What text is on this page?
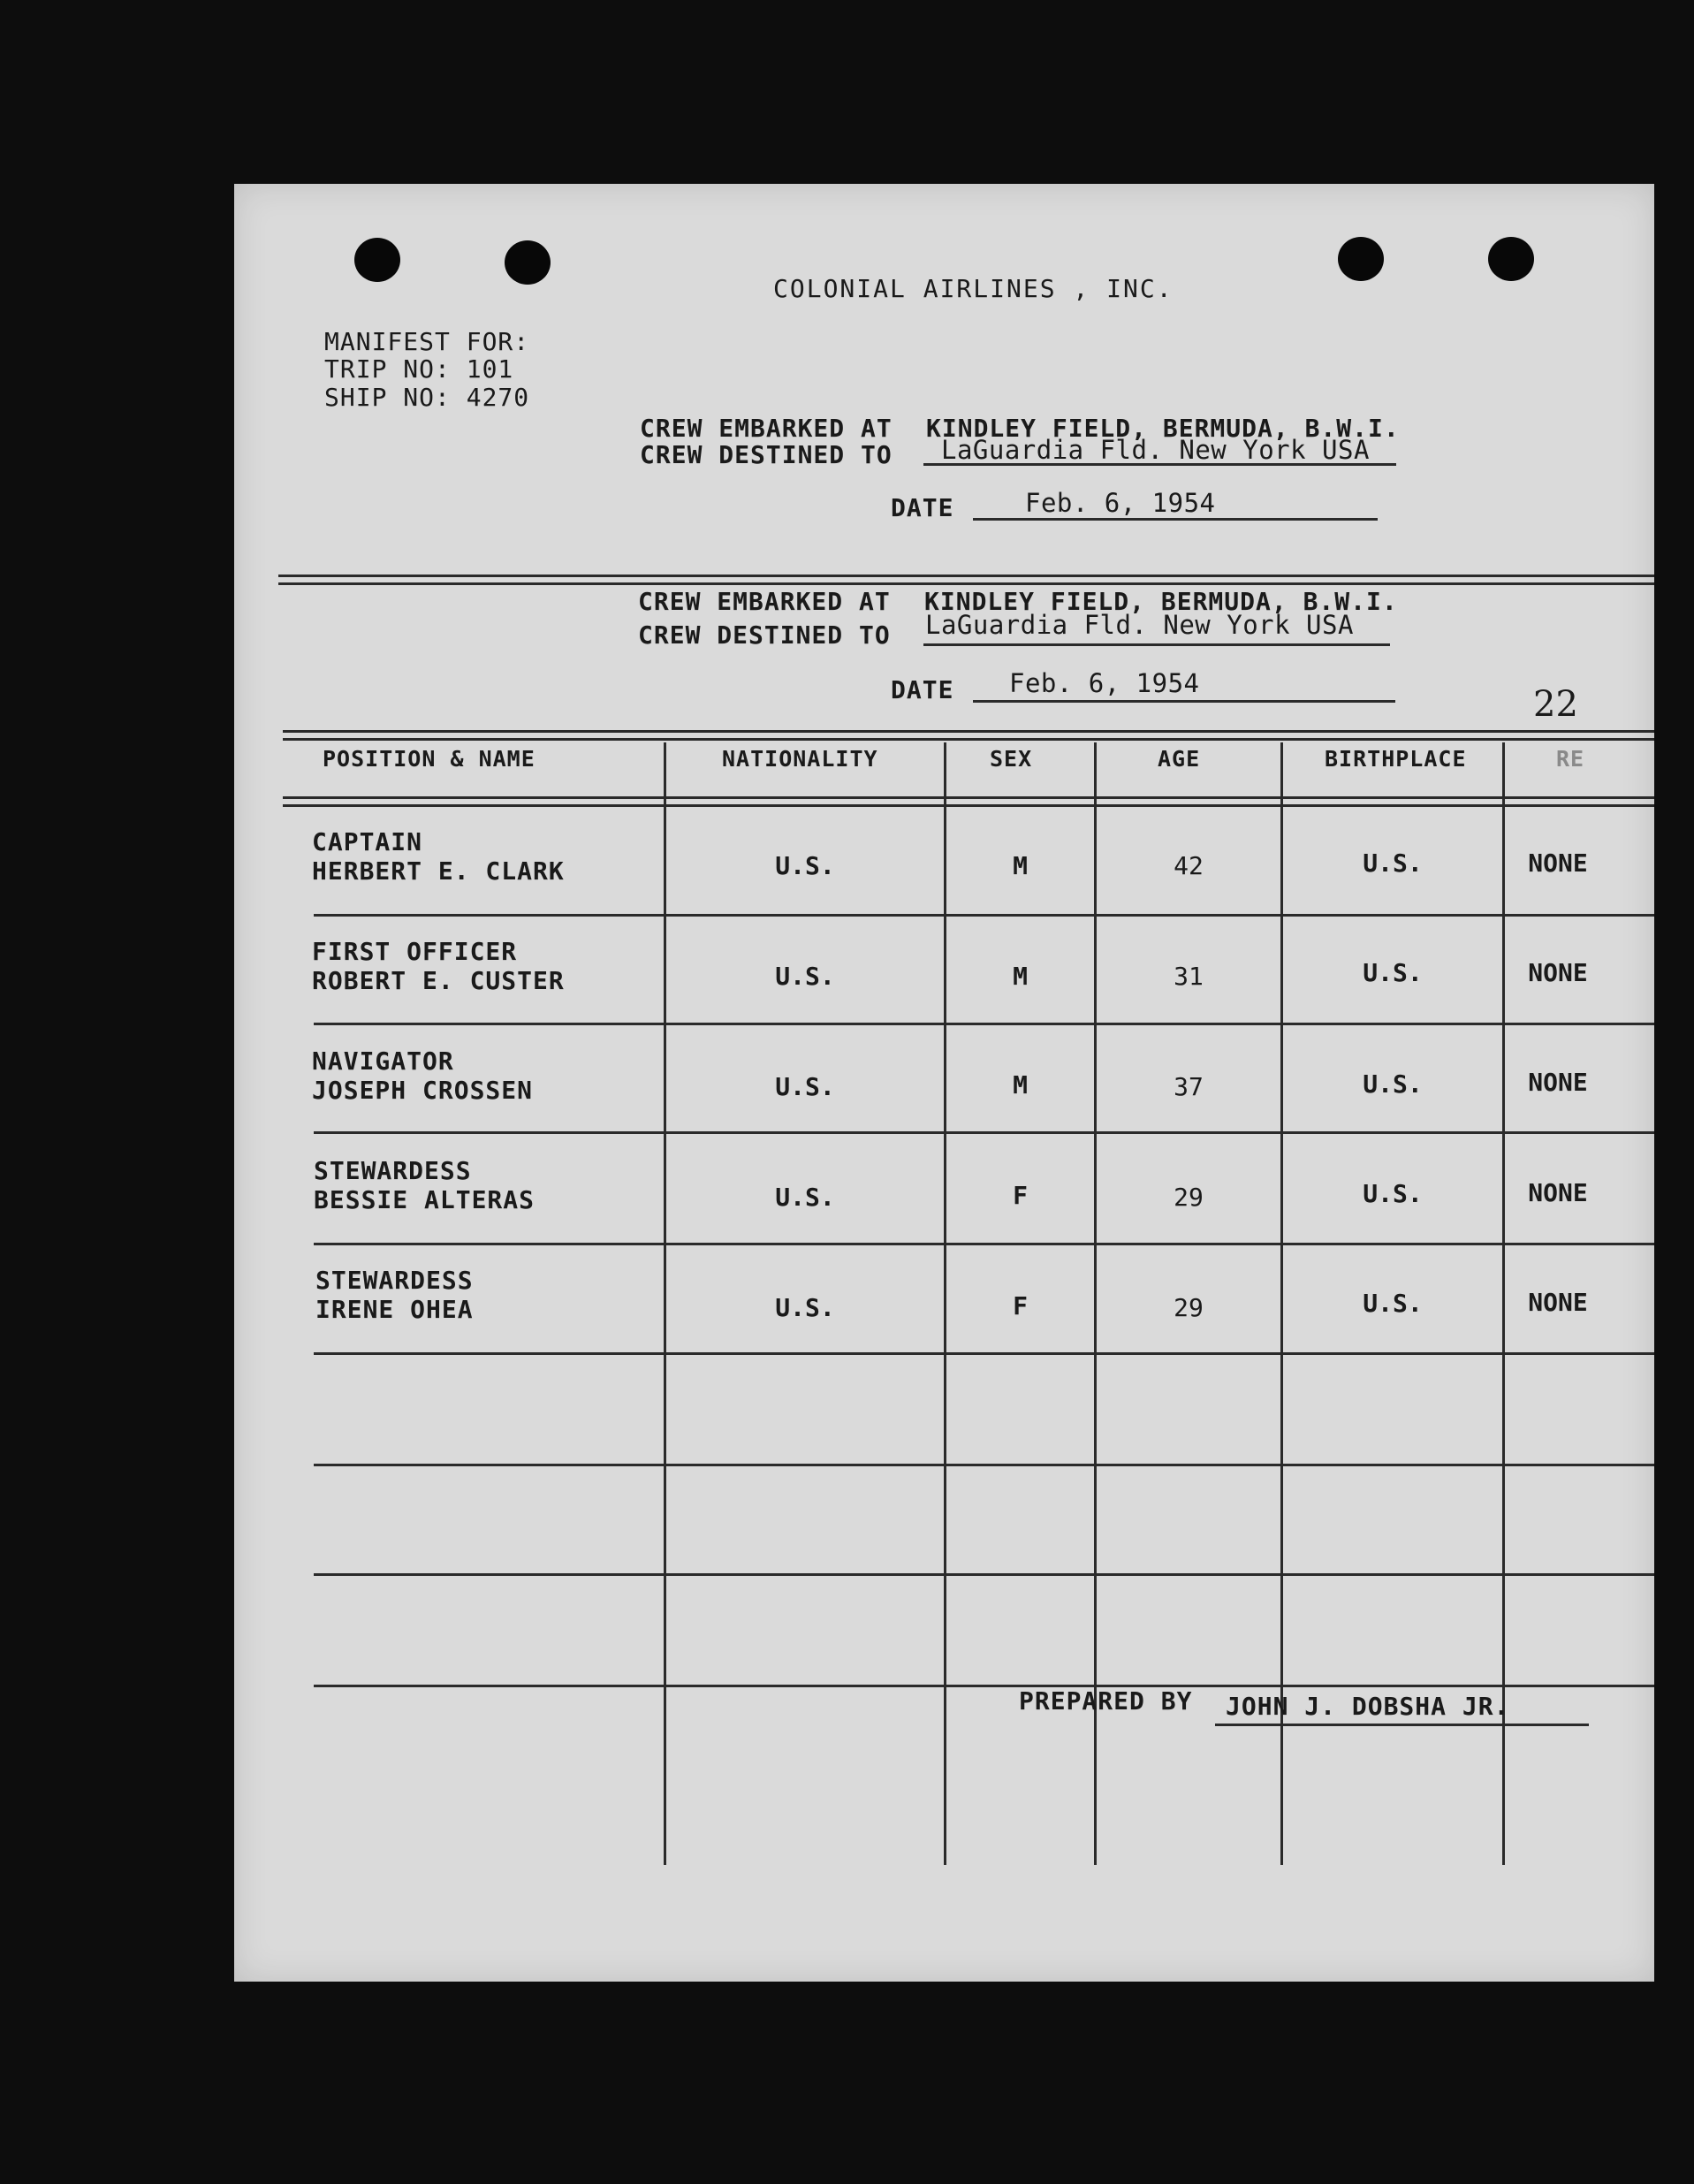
COLONIAL AIRLINES , INC.
MANIFEST FOR:
TRIP NO: 101
SHIP NO: 4270
CREW EMBARKED AT KINDLEY FIELD, BERMUDA, B.W.I.
CREW DESTINED TO LaGuardia Fld. New York USA
DATE	Feb. 6, 1954
CREW EMBARKED AT KINDLEY FIELD, BERMUDA, B.W.I.
CREW DESTINED TO LaGuardia Fld. New York USA
DATE Feb. 6, 1954
22
POSITION & NAME	NATIONALITY	SEX	AGE	BIRTHPLACE	RE
CAPTAIN
HERBERT E. CLARK	U.S.	M	42	U.S.	NONE
FIRST OFFICER
ROBERT E. CUSTER	U.S.	M	31	U.S.	NONE
NAVIGATOR
JOSEPH CROSSEN	U.S.	M	37	U.S.	NONE
STEWARDESS
BESSIE ALTERAS	U.S.	F	29	U.S.	NONE
STEWARDESS
IRENE OHEA	U.S.	F	29	U.S.	NONE
PREPARED BY JOHN J. DOBSHA JR.
